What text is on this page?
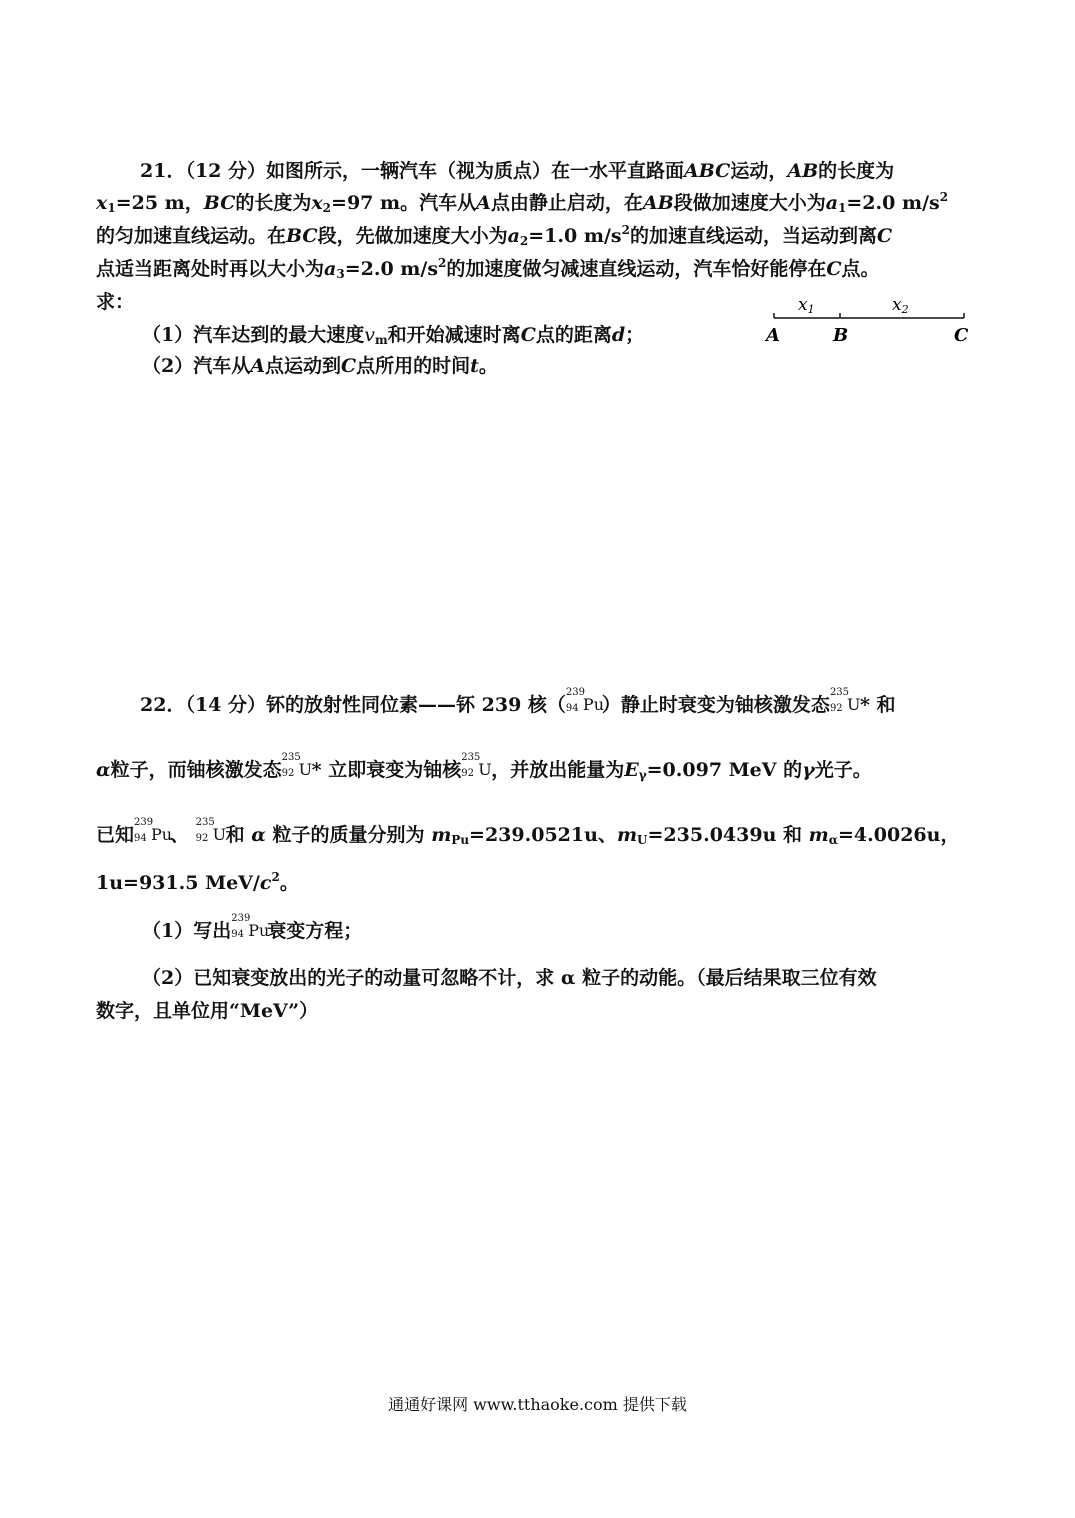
21．（12 分）如图所示，一辆汽车（视为质点）在一水平直路面ABC运动，AB的长度为
$x_1=25$ m，BC的长度为$x_2=97$ m。汽车从A点由静止启动，在AB段做加速度大小为$a_1=2.0$ $m/s^2$
的匀加速直线运动。在BC段，先做加速度大小为$a_2=1.0$ $m/s^2$的加速直线运动，当运动到离C
点适当距离处时再以大小为$a_3=2.0$ $m/s^2$的加速度做匀减速直线运动，汽车恰好能停在C点。
求：
（1）汽车达到的最大速度$v_m$和开始减速时离C点的距离d；
（2）汽车从A点运动到C点所用的时间t。
x1	x2
A	B	C
22．（14 分）钚的放射性同位素——钚 239 核（
239
94 Pu
）静止时衰变为铀核激发态
235
92 U * 和
α粒子，而铀核激发态
235
92 U * 立即衰变为铀核
235
92 U ，并放出能量为$E_\gamma=0.097$ MeV 的γ光子。
已知
239
94 Pu
、
235
92 U 和 α 粒子的质量分别为 $m_{Pu}=239.0521u$、$m_U=235.0439u$ 和 $m_\alpha=4.0026u$，
1u=931.5 MeV/$c^2$。
（1）写出
239
94 Pu
衰变方程；
（2）已知衰变放出的光子的动量可忽略不计，求 α 粒子的动能。（最后结果取三位有效
数字，且单位用“MeV”）
通通好课网 www.tthaoke.com 提供下载
